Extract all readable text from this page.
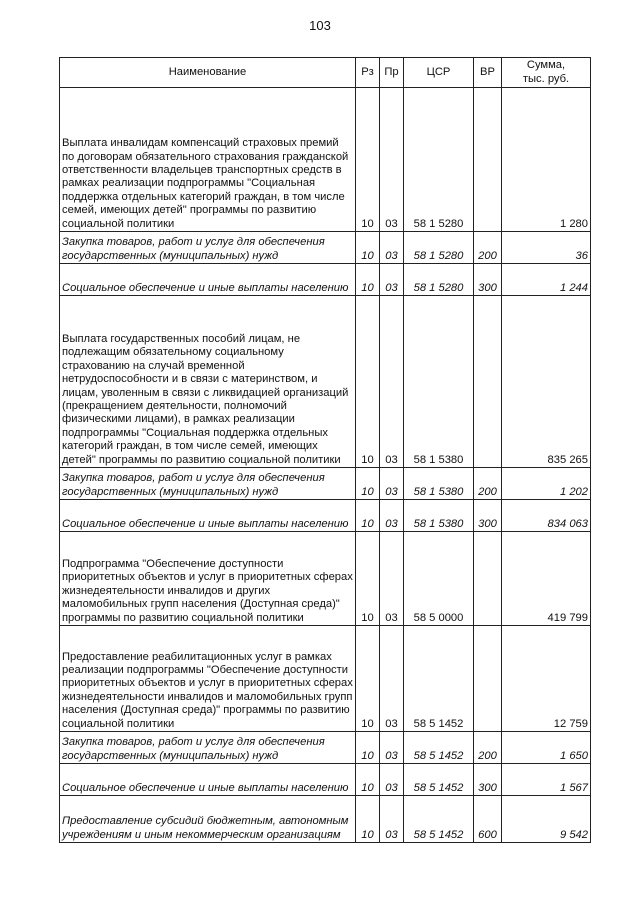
103
Наименование	Рз	Пр	ЦСР	ВР	Сумма,
тыс. руб.
Выплата инвалидам компенсаций страховых премий по договорам обязательного страхования гражданской ответственности владельцев транспортных средств в рамках реализации подпрограммы "Социальная поддержка отдельных категорий граждан, в том числе семей, имеющих детей" программы по развитию социальной политики	10	03	58 1 5280		1 280
Закупка товаров, работ и услуг для обеспечения государственных (муниципальных) нужд	10	03	58 1 5280	200	36
Социальное обеспечение и иные выплаты населению	10	03	58 1 5280	300	1 244
Выплата государственных пособий лицам, не подлежащим обязательному социальному страхованию на случай временной нетрудоспособности и в связи с материнством, и лицам, уволенным в связи с ликвидацией организаций (прекращением деятельности, полномочий физическими лицами), в рамках реализации подпрограммы "Социальная поддержка отдельных категорий граждан, в том числе семей, имеющих детей" программы по развитию социальной политики	10	03	58 1 5380		835 265
Закупка товаров, работ и услуг для обеспечения государственных (муниципальных) нужд	10	03	58 1 5380	200	1 202
Социальное обеспечение и иные выплаты населению	10	03	58 1 5380	300	834 063
Подпрограмма "Обеспечение доступности приоритетных объектов и услуг в приоритетных сферах жизнедеятельности инвалидов и других маломобильных групп населения (Доступная среда)" программы по развитию социальной политики	10	03	58 5 0000		419 799
Предоставление реабилитационных услуг в рамках реализации подпрограммы "Обеспечение доступности приоритетных объектов и услуг в приоритетных сферах жизнедеятельности инвалидов и маломобильных групп населения (Доступная среда)" программы по развитию социальной политики	10	03	58 5 1452		12 759
Закупка товаров, работ и услуг для обеспечения государственных (муниципальных) нужд	10	03	58 5 1452	200	1 650
Социальное обеспечение и иные выплаты населению	10	03	58 5 1452	300	1 567
Предоставление субсидий бюджетным, автономным учреждениям и иным некоммерческим организациям	10	03	58 5 1452	600	9 542
